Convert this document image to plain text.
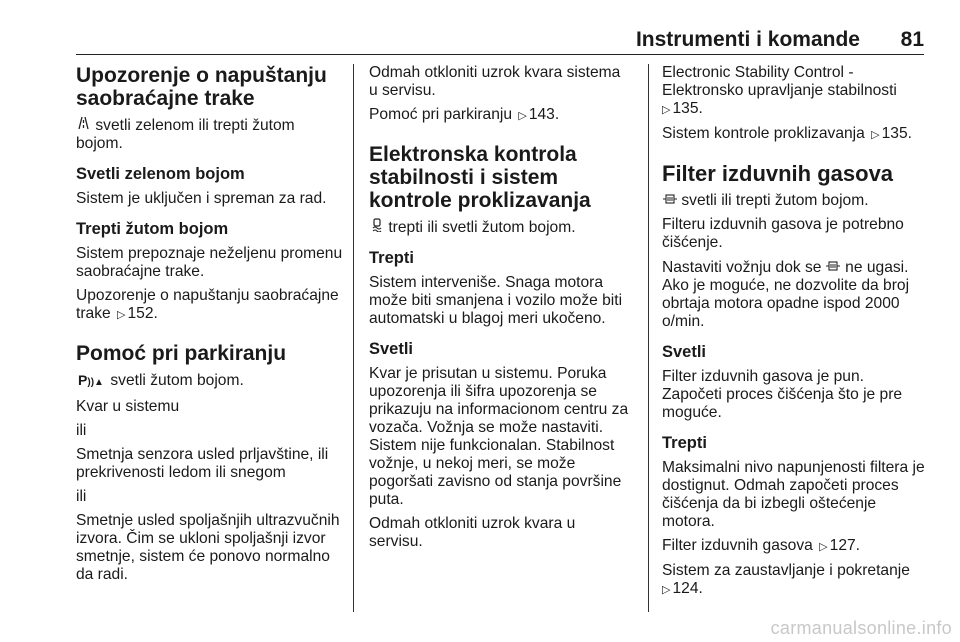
Instrumenti i komande 81
Upozorenje o napuštanju saobraćajne trake

svetli zelenom ili trepti žutom bojom.

Svetli zelenom bojom

Sistem je uključen i spreman za rad.

Trepti žutom bojom

Sistem prepoznaje neželjenu promenu saobraćajne trake.

Upozorenje o napuštanju saobraćajne trake ▷ 152.

Pomoć pri parkiranju

P))▲ svetli žutom bojom.

Kvar u sistemu

ili

Smetnja senzora usled prljavštine, ili prekrivenosti ledom ili snegom

ili

Smetnje usled spoljašnjih ultrazvučnih izvora. Čim se ukloni spoljašnji izvor smetnje, sistem će ponovo normalno da radi.

Odmah otkloniti uzrok kvara sistema u servisu.

Pomoć pri parkiranju ▷ 143.

Elektronska kontrola stabilnosti i sistem kontrole proklizavanja

trepti ili svetli žutom bojom.

Trepti

Sistem interveniše. Snaga motora može biti smanjena i vozilo može biti automatski u blagoj meri ukočeno.

Svetli

Kvar je prisutan u sistemu. Poruka upozorenja ili šifra upozorenja se prikazuju na informacionom centru za vozača. Vožnja se može nastaviti. Sistem nije funkcionalan. Stabilnost vožnje, u nekoj meri, se može pogoršati zavisno od stanja površine puta.

Odmah otkloniti uzrok kvara u servisu.

Electronic Stability Control - Elektronsko upravljanje stabilnosti
▷ 135.

Sistem kontrole proklizavanja ▷ 135.

Filter izduvnih gasova

svetli ili trepti žutom bojom.

Filteru izduvnih gasova je potrebno čišćenje.

Nastaviti vožnju dok se ne ugasi. Ako je moguće, ne dozvolite da broj obrtaja motora opadne ispod 2000 o/min.

Svetli

Filter izduvnih gasova je pun. Započeti proces čišćenja što je pre moguće.

Trepti

Maksimalni nivo napunjenosti filtera je dostignut. Odmah započeti proces čišćenja da bi izbegli oštećenje motora.

Filter izduvnih gasova ▷ 127.

Sistem za zaustavljanje i pokretanje
▷ 124.

carmanualsonline.info
